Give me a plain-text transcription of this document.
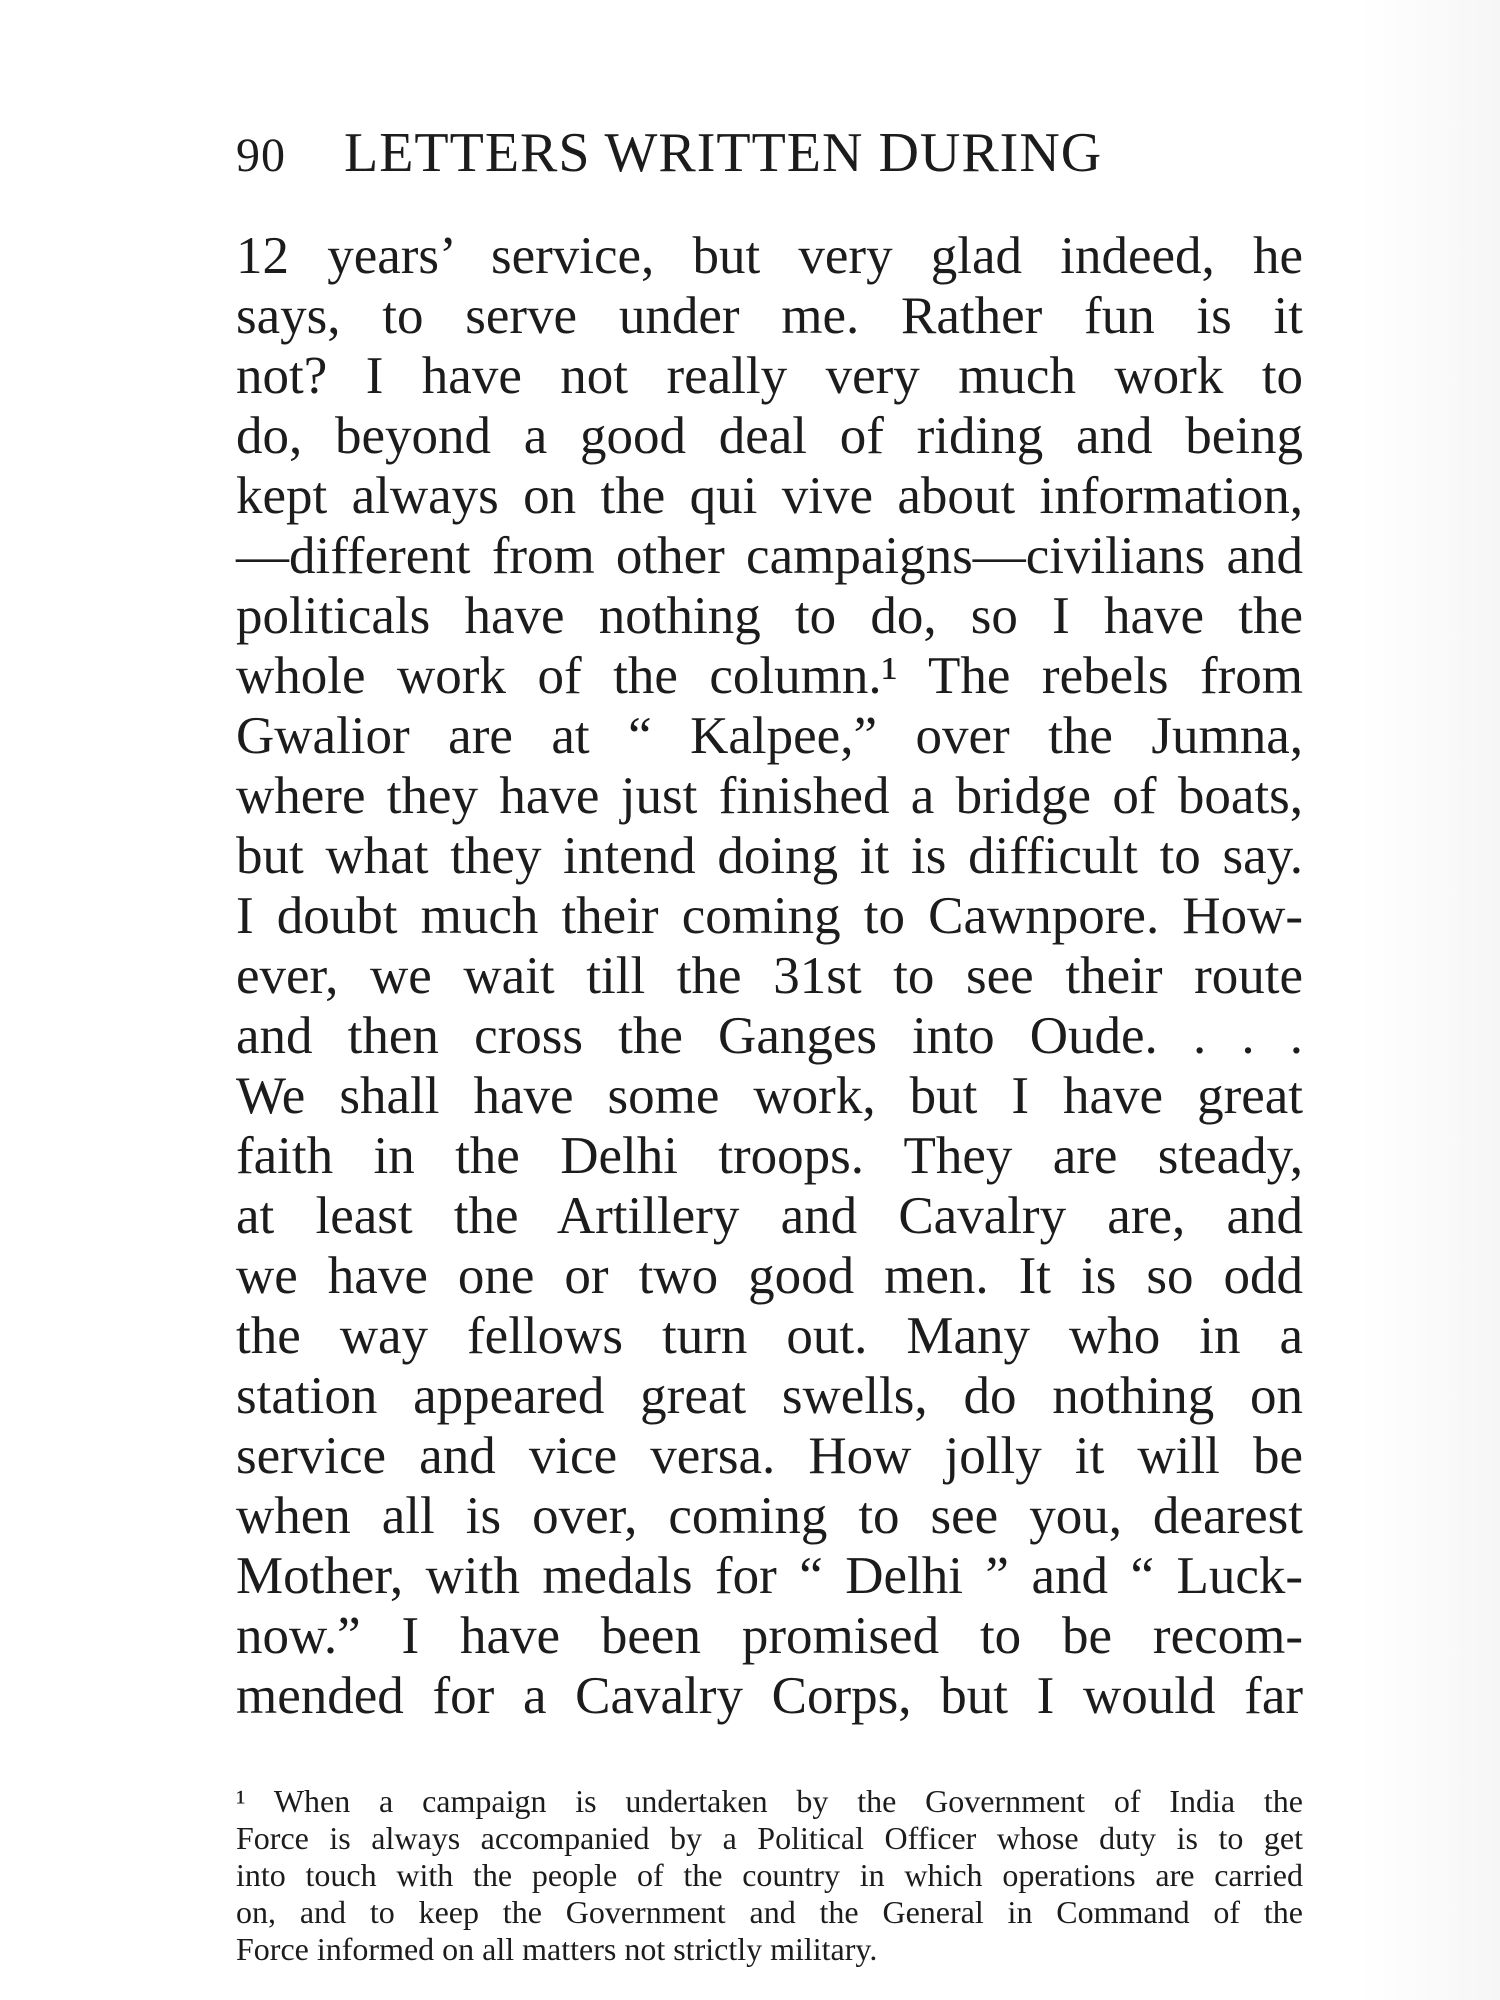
90 LETTERS WRITTEN DURING
12 years’ service, but very glad indeed, he
says, to serve under me. Rather fun is it
not? I have not really very much work to
do, beyond a good deal of riding and being
kept always on the qui vive about information,
—different from other campaigns—civilians and
politicals have nothing to do, so I have the
whole work of the column.¹ The rebels from
Gwalior are at “ Kalpee,” over the Jumna,
where they have just finished a bridge of boats,
but what they intend doing it is difficult to say.
I doubt much their coming to Cawnpore. How-
ever, we wait till the 31st to see their route
and then cross the Ganges into Oude. . . .
We shall have some work, but I have great
faith in the Delhi troops. They are steady,
at least the Artillery and Cavalry are, and
we have one or two good men. It is so odd
the way fellows turn out. Many who in a
station appeared great swells, do nothing on
service and vice versa. How jolly it will be
when all is over, coming to see you, dearest
Mother, with medals for “ Delhi ” and “ Luck-
now.” I have been promised to be recom-
mended for a Cavalry Corps, but I would far
¹ When a campaign is undertaken by the Government of India the
Force is always accompanied by a Political Officer whose duty is to get
into touch with the people of the country in which operations are carried
on, and to keep the Government and the General in Command of the
Force informed on all matters not strictly military.
